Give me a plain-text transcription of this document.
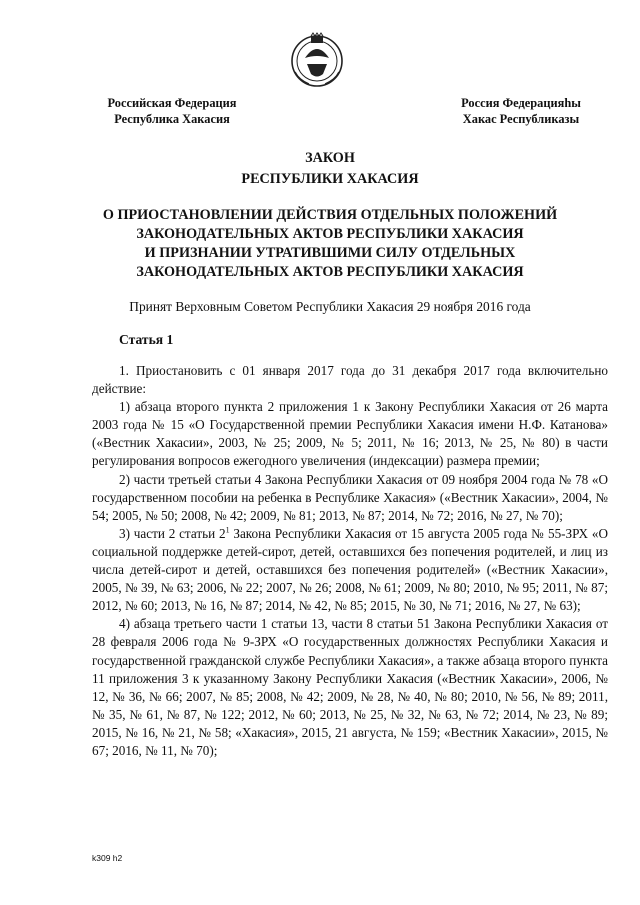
Российская Федерация
Республика Хакасия
Россия Федерацияhы
Хакас Республиказы
ЗАКОН
РЕСПУБЛИКИ ХАКАСИЯ
О ПРИОСТАНОВЛЕНИИ ДЕЙСТВИЯ ОТДЕЛЬНЫХ ПОЛОЖЕНИЙ
ЗАКОНОДАТЕЛЬНЫХ АКТОВ РЕСПУБЛИКИ ХАКАСИЯ
И ПРИЗНАНИИ УТРАТИВШИМИ СИЛУ ОТДЕЛЬНЫХ
ЗАКОНОДАТЕЛЬНЫХ АКТОВ РЕСПУБЛИКИ ХАКАСИЯ
Принят Верховным Советом Республики Хакасия 29 ноября 2016 года
Статья 1

1. Приостановить с 01 января 2017 года до 31 декабря 2017 года включительно действие:

1) абзаца второго пункта 2 приложения 1 к Закону Республики Хакасия от 26 марта 2003 года № 15 «О Государственной премии Республики Хакасия имени Н.Ф. Катанова» («Вестник Хакасии», 2003, № 25; 2009, № 5; 2011, № 16; 2013, № 25, № 80) в части регулирования вопросов ежегодного увеличения (индексации) размера премии;

2) части третьей статьи 4 Закона Республики Хакасия от 09 ноября 2004 года № 78 «О государственном пособии на ребенка в Республике Хакасия» («Вестник Хакасии», 2004, № 54; 2005, № 50; 2008, № 42; 2009, № 81; 2013, № 87; 2014, № 72; 2016, № 27, № 70);

3) части 2 статьи $2^1$ Закона Республики Хакасия от 15 августа 2005 года № 55-ЗРХ «О социальной поддержке детей-сирот, детей, оставшихся без попечения родителей, и лиц из числа детей-сирот и детей, оставшихся без попечения родителей» («Вестник Хакасии», 2005, № 39, № 63; 2006, № 22; 2007, № 26; 2008, № 61; 2009, № 80; 2010, № 95; 2011, № 87; 2012, № 60; 2013, № 16, № 87; 2014, № 42, № 85; 2015, № 30, № 71; 2016, № 27, № 63);

4) абзаца третьего части 1 статьи 13, части 8 статьи 51 Закона Республики Хакасия от 28 февраля 2006 года № 9-ЗРХ «О государственных должностях Республики Хакасия и государственной гражданской службе Республики Хакасия», а также абзаца второго пункта 11 приложения 3 к указанному Закону Республики Хакасия («Вестник Хакасии», 2006, № 12, № 36, № 66; 2007, № 85; 2008, № 42; 2009, № 28, № 40, № 80; 2010, № 56, № 89; 2011, № 35, № 61, № 87, № 122; 2012, № 60; 2013, № 25, № 32, № 63, № 72; 2014, № 23, № 89; 2015, № 16, № 21, № 58; «Хакасия», 2015, 21 августа, № 159; «Вестник Хакасии», 2015, № 67; 2016, № 11, № 70);

k309 h2
